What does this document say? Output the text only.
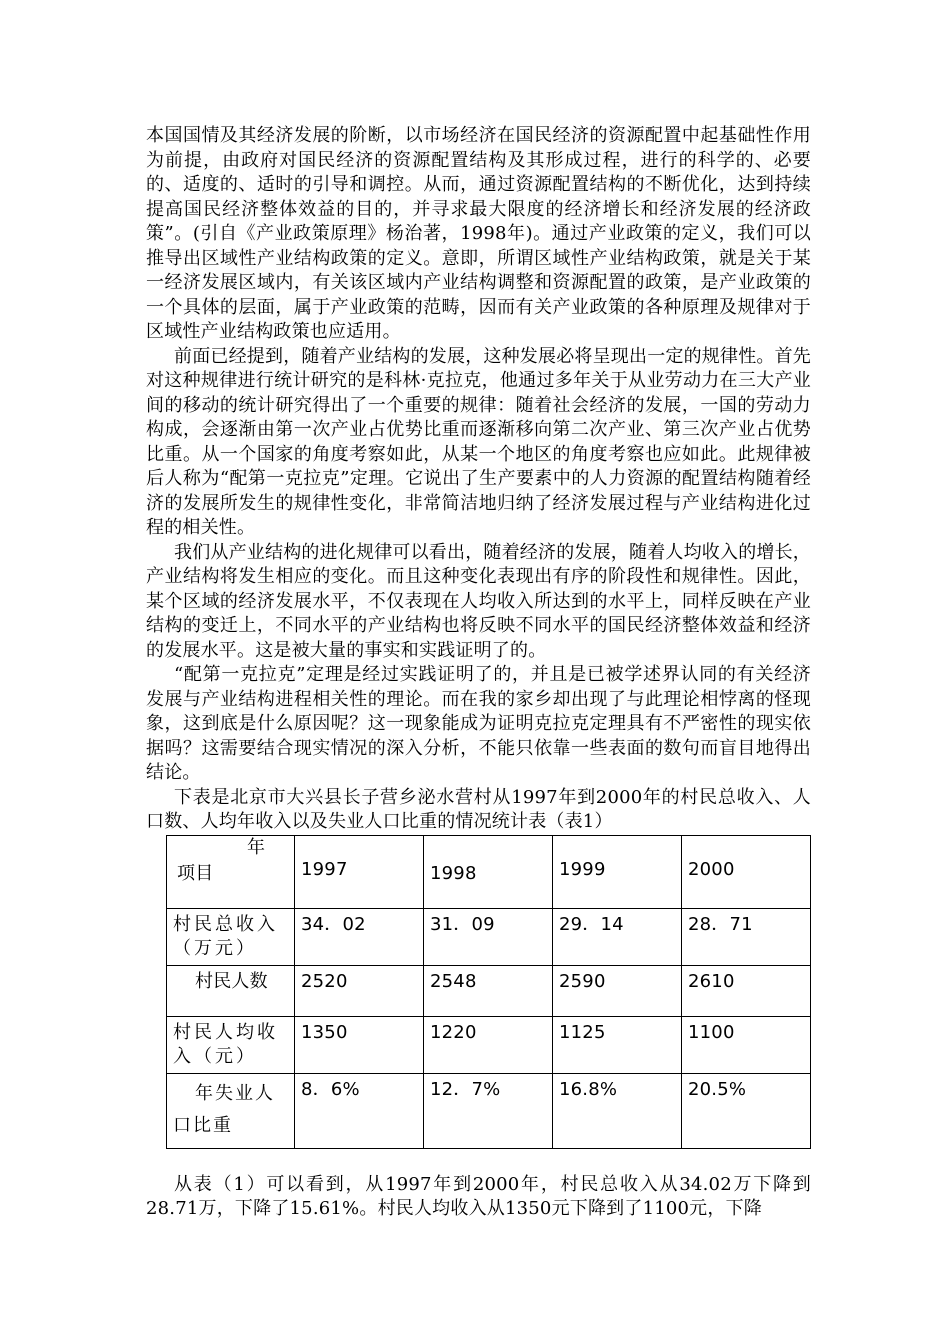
本国国情及其经济发展的阶断，以市场经济在国民经济的资源配置中起基础性作用为前提，由政府对国民经济的资源配置结构及其形成过程，进行的科学的、必要的、适度的、适时的引导和调控。从而，通过资源配置结构的不断优化，达到持续提高国民经济整体效益的目的，并寻求最大限度的经济增长和经济发展的经济政策”。(引自《产业政策原理》杨治著，1998年)。通过产业政策的定义，我们可以推导出区域性产业结构政策的定义。意即，所谓区域性产业结构政策，就是关于某一经济发展区域内，有关该区域内产业结构调整和资源配置的政策，是产业政策的一个具体的层面，属于产业政策的范畴，因而有关产业政策的各种原理及规律对于区域性产业结构政策也应适用。

前面已经提到，随着产业结构的发展，这种发展必将呈现出一定的规律性。首先对这种规律进行统计研究的是科林·克拉克，他通过多年关于从业劳动力在三大产业间的移动的统计研究得出了一个重要的规律：随着社会经济的发展，一国的劳动力构成，会逐渐由第一次产业占优势比重而逐渐移向第二次产业、第三次产业占优势比重。从一个国家的角度考察如此，从某一个地区的角度考察也应如此。此规律被后人称为“配第一克拉克”定理。它说出了生产要素中的人力资源的配置结构随着经济的发展所发生的规律性变化，非常简洁地归纳了经济发展过程与产业结构进化过程的相关性。

我们从产业结构的进化规律可以看出，随着经济的发展，随着人均收入的增长，产业结构将发生相应的变化。而且这种变化表现出有序的阶段性和规律性。因此，某个区域的经济发展水平，不仅表现在人均收入所达到的水平上，同样反映在产业结构的变迁上，不同水平的产业结构也将反映不同水平的国民经济整体效益和经济的发展水平。这是被大量的事实和实践证明了的。

“配第一克拉克”定理是经过实践证明了的，并且是已被学述界认同的有关经济发展与产业结构进程相关性的理论。而在我的家乡却出现了与此理论相悖离的怪现象，这到底是什么原因呢？这一现象能成为证明克拉克定理具有不严密性的现实依据吗？这需要结合现实情况的深入分析，不能只依靠一些表面的数句而盲目地得出结论。

下表是北京市大兴县长子营乡泌水营村从1997年到2000年的村民总收入、人口数、人均年收入以及失业人口比重的情况统计表（表1）

年
项目	1997	1998	1999	2000
村民总收入（万元）	34．02	31．09	29．14	28．71
村民人数	2520	2548	2590	2610
村民人均收入（元）	1350	1220	1125	1100

年失业人口比重	8．6%	12．7%	16.8%	20.5%

从表（1）可以看到，从1997年到2000年，村民总收入从34.02万下降到28.71万，下降了15.61%。村民人均收入从1350元下降到了1100元，下降
